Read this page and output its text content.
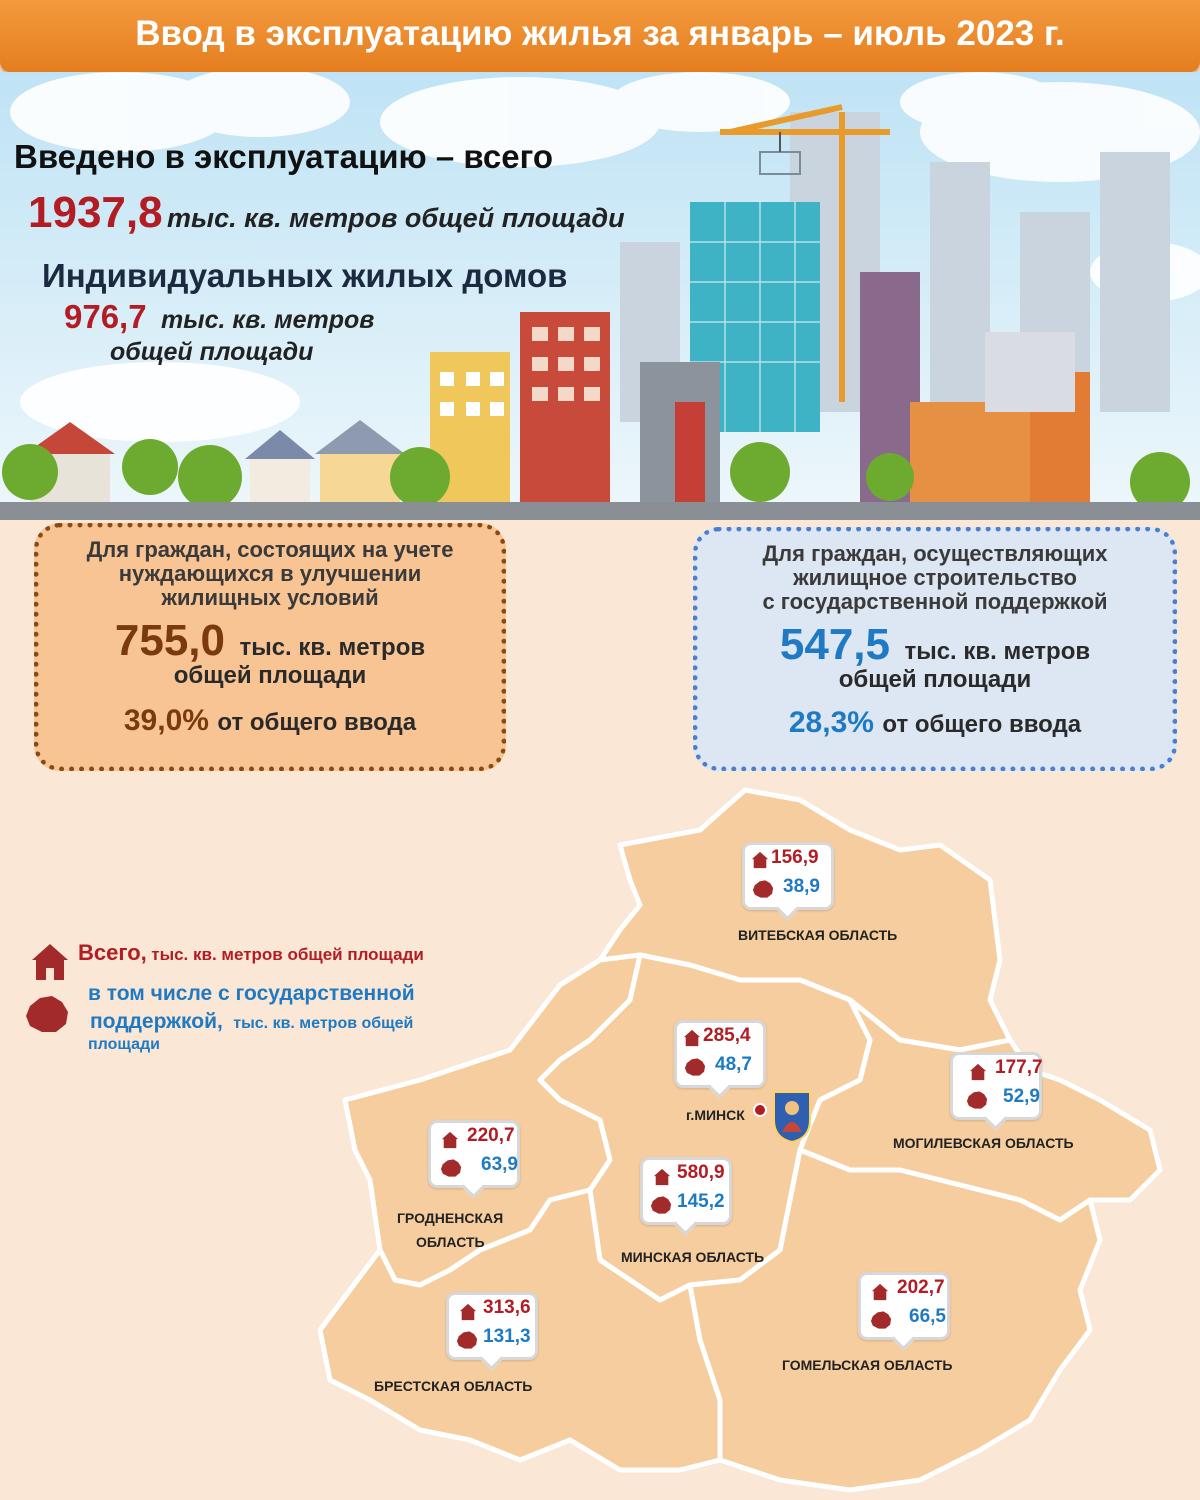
Ввод в эксплуатацию жилья за январь – июль 2023 г.
Введено в эксплуатацию – всего
1937,8 тыс. кв. метров общей площади
Индивидуальных жилых домов
976,7 тыс. кв. метров
общей площади
Для граждан, состоящих на учете
нуждающихся в улучшении
жилищных условий
755,0 тыс. кв. метров
общей площади
39,0% от общего ввода
Для граждан, осуществляющих
жилищное строительство
с государственной поддержкой
547,5 тыс. кв. метров
общей площади
28,3% от общего ввода
Всего, тыс. кв. метров общей площади
в том числе с государственной
поддержкой, тыс. кв. метров общей
площади
156,9
38,9
ВИТЕБСКАЯ ОБЛАСТЬ
285,4
48,7
г.МИНСК
177,7
52,9
МОГИЛЕВСКАЯ ОБЛАСТЬ
220,7
63,9
ГРОДНЕНСКАЯ
ОБЛАСТЬ
580,9
145,2
МИНСКАЯ ОБЛАСТЬ
313,6
131,3
БРЕСТСКАЯ ОБЛАСТЬ
202,7
66,5
ГОМЕЛЬСКАЯ ОБЛАСТЬ
